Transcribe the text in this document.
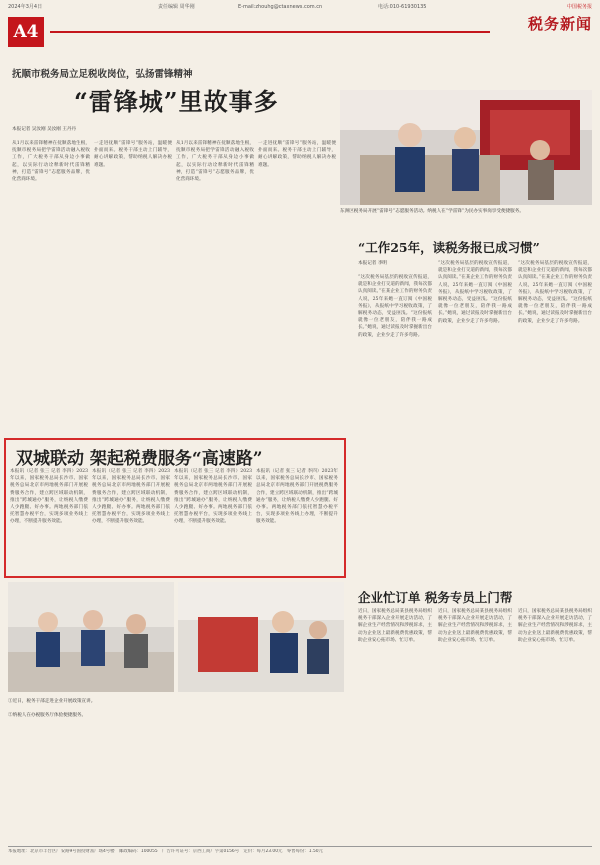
2024年3月4日	责任编辑 周华刚	E-mail:zhouhg@ctaxnews.com.cn	电话:010-61930135	中国税务报
A4	税务新闻
抚顺市税务局立足税收岗位，弘扬雷锋精神
“雷锋城”里故事多
本报记者 吴汝刚 吴汝刚 王丹丹
从1月以来雷锋精神在抚顺落地生根，抚顺市税务局把学雷锋活动融入税收工作，广大税务干部从身边小事做起，以实际行动诠释新时代雷锋精神，打造“雷锋号”志愿服务品牌，优化营商环境。
一走进抚顺“雷锋号”服务站，温暖便扑面而来。税务干部主动上门辅导，耐心讲解政策，帮助纳税人解决办税难题。
从1月以来雷锋精神在抚顺落地生根，抚顺市税务局把学雷锋活动融入税收工作，广大税务干部从身边小事做起，以实际行动诠释新时代雷锋精神，打造“雷锋号”志愿服务品牌，优化营商环境。
一走进抚顺“雷锋号”服务站，温暖便扑面而来。税务干部主动上门辅导，耐心讲解政策，帮助纳税人解决办税难题。
东洲区税务局开展“雷锋号”志愿服务活动。纳税人在“学雷锋”为民办实事岗享受便捷服务。
“工作25年，读税务报已成习惯”
本报记者 李明
“这次税务局基层的税收宣传报道，就是和企业打交道的新闻，我每次都认真阅读。”在某企业工作的财务负责人说，25年来她一直订阅《中国税务报》，从报纸中学习税收政策，了解税务动态，受益匪浅。“这份报纸就像一位老朋友，陪伴我一路成长。”她说，通过读报及时掌握新出台的政策，企业少走了许多弯路。
“这次税务局基层的税收宣传报道，就是和企业打交道的新闻，我每次都认真阅读。”在某企业工作的财务负责人说，25年来她一直订阅《中国税务报》，从报纸中学习税收政策，了解税务动态，受益匪浅。“这份报纸就像一位老朋友，陪伴我一路成长。”她说，通过读报及时掌握新出台的政策，企业少走了许多弯路。
“这次税务局基层的税收宣传报道，就是和企业打交道的新闻，我每次都认真阅读。”在某企业工作的财务负责人说，25年来她一直订阅《中国税务报》，从报纸中学习税收政策，了解税务动态，受益匪浅。“这份报纸就像一位老朋友，陪伴我一路成长。”她说，通过读报及时掌握新出台的政策，企业少走了许多弯路。
双城联动 架起税费服务“高速路”
本报讯（记者 张三 记者 李四）2023年以来，国家税务总局长沙市、国家税务总局北京市两地税务部门开展税费服务合作，建立跨区域联动机制，推出“跨城通办”服务，让纳税人缴费人少跑腿、好办事。两地税务部门依托智慧办税平台，实现多项业务线上办理，不断提升服务效能。
本报讯（记者 张三 记者 李四）2023年以来，国家税务总局长沙市、国家税务总局北京市两地税务部门开展税费服务合作，建立跨区域联动机制，推出“跨城通办”服务，让纳税人缴费人少跑腿、好办事。两地税务部门依托智慧办税平台，实现多项业务线上办理，不断提升服务效能。
本报讯（记者 张三 记者 李四）2023年以来，国家税务总局长沙市、国家税务总局北京市两地税务部门开展税费服务合作，建立跨区域联动机制，推出“跨城通办”服务，让纳税人缴费人少跑腿、好办事。两地税务部门依托智慧办税平台，实现多项业务线上办理，不断提升服务效能。
本报讯（记者 张三 记者 李四）2023年以来，国家税务总局长沙市、国家税务总局北京市两地税务部门开展税费服务合作，建立跨区域联动机制，推出“跨城通办”服务，让纳税人缴费人少跑腿、好办事。两地税务部门依托智慧办税平台，实现多项业务线上办理，不断提升服务效能。
①近日，税务干部走进企业开展政策宣讲。
②纳税人在办税服务厅体验便捷服务。
企业忙订单 税务专员上门帮
近日，国家税务总局某县税务局组织税务干部深入企业开展走访活动，了解企业生产经营情况和涉税诉求，主动为企业送上最新税费优惠政策，帮助企业安心拓市场、忙订单。
近日，国家税务总局某县税务局组织税务干部深入企业开展走访活动，了解企业生产经营情况和涉税诉求，主动为企业送上最新税费优惠政策，帮助企业安心拓市场、忙订单。
近日，国家税务总局某县税务局组织税务干部深入企业开展走访活动，了解企业生产经营情况和涉税诉求，主动为企业送上最新税费优惠政策，帮助企业安心拓市场、忙订单。
本报地址：北京市丰台区广安路9号国投财富广场4号楼　邮政编码：100055　广告许可证号：京西工商广字第0156号　定价：每月23.00元　零售每份：1.50元
